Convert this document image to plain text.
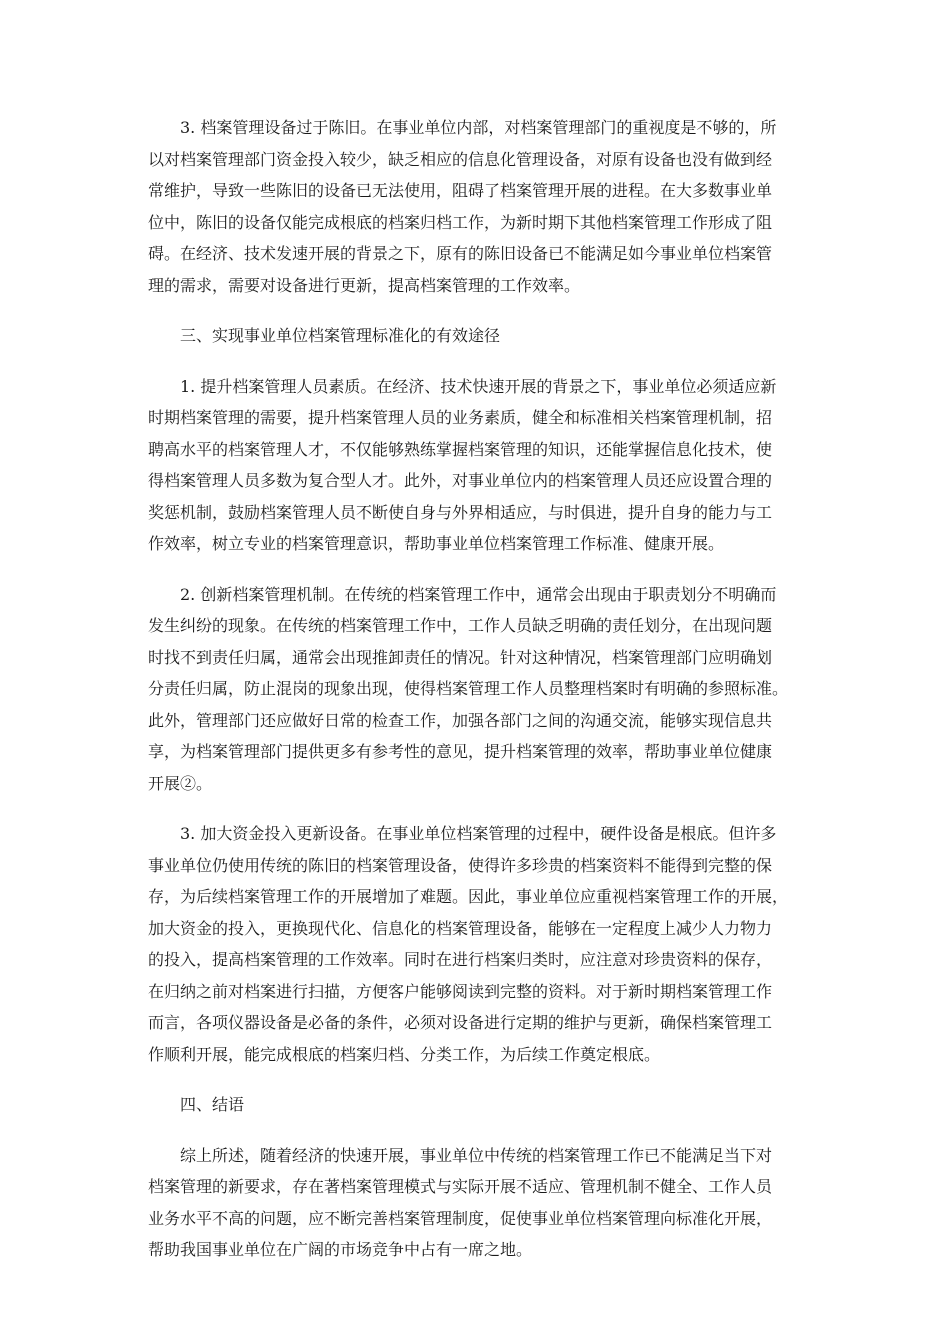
3. 档案管理设备过于陈旧。在事业单位内部，对档案管理部门的重视度是不够的，所
以对档案管理部门资金投入较少，缺乏相应的信息化管理设备，对原有设备也没有做到经
常维护，导致一些陈旧的设备已无法使用，阻碍了档案管理开展的进程。在大多数事业单
位中，陈旧的设备仅能完成根底的档案归档工作，为新时期下其他档案管理工作形成了阻
碍。在经济、技术发速开展的背景之下，原有的陈旧设备已不能满足如今事业单位档案管
理的需求，需要对设备进行更新，提高档案管理的工作效率。

三、实现事业单位档案管理标准化的有效途径

1. 提升档案管理人员素质。在经济、技术快速开展的背景之下，事业单位必须适应新
时期档案管理的需要，提升档案管理人员的业务素质，健全和标准相关档案管理机制，招
聘高水平的档案管理人才，不仅能够熟练掌握档案管理的知识，还能掌握信息化技术，使
得档案管理人员多数为复合型人才。此外，对事业单位内的档案管理人员还应设置合理的
奖惩机制，鼓励档案管理人员不断使自身与外界相适应，与时俱进，提升自身的能力与工
作效率，树立专业的档案管理意识，帮助事业单位档案管理工作标准、健康开展。

2. 创新档案管理机制。在传统的档案管理工作中，通常会出现由于职责划分不明确而
发生纠纷的现象。在传统的档案管理工作中，工作人员缺乏明确的责任划分，在出现问题
时找不到责任归属，通常会出现推卸责任的情况。针对这种情况，档案管理部门应明确划
分责任归属，防止混岗的现象出现，使得档案管理工作人员整理档案时有明确的参照标准。
此外，管理部门还应做好日常的检查工作，加强各部门之间的沟通交流，能够实现信息共
享，为档案管理部门提供更多有参考性的意见，提升档案管理的效率，帮助事业单位健康
开展②。

3. 加大资金投入更新设备。在事业单位档案管理的过程中，硬件设备是根底。但许多
事业单位仍使用传统的陈旧的档案管理设备，使得许多珍贵的档案资料不能得到完整的保
存，为后续档案管理工作的开展增加了难题。因此，事业单位应重视档案管理工作的开展，
加大资金的投入，更换现代化、信息化的档案管理设备，能够在一定程度上减少人力物力
的投入，提高档案管理的工作效率。同时在进行档案归类时，应注意对珍贵资料的保存，
在归纳之前对档案进行扫描，方便客户能够阅读到完整的资料。对于新时期档案管理工作
而言，各项仪器设备是必备的条件，必须对设备进行定期的维护与更新，确保档案管理工
作顺利开展，能完成根底的档案归档、分类工作，为后续工作奠定根底。

四、结语

综上所述，随着经济的快速开展，事业单位中传统的档案管理工作已不能满足当下对
档案管理的新要求，存在著档案管理模式与实际开展不适应、管理机制不健全、工作人员
业务水平不高的问题，应不断完善档案管理制度，促使事业单位档案管理向标准化开展，
帮助我国事业单位在广阔的市场竞争中占有一席之地。
